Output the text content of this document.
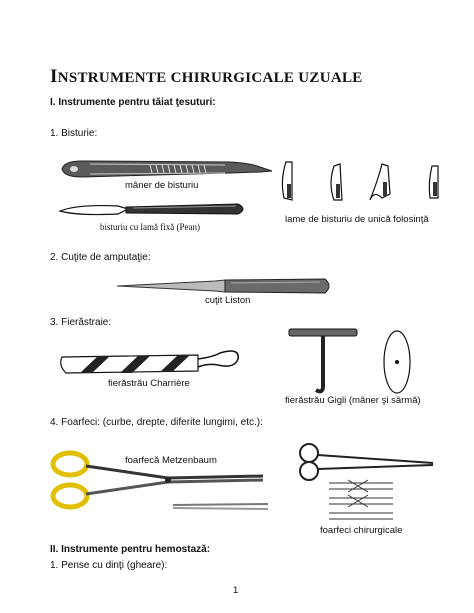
INSTRUMENTE CHIRURGICALE UZUALE
I. Instrumente pentru tăiat ţesuturi:
1. Bisturie:
mâner de bisturiu
bisturiu cu lamă fixă (Pean)
lame de bisturiu de unică folosinţă
2. Cuţite de amputaţie:
cuţit Liston
3. Fierăstraie:
fierăstrău Charrière
fierăstrău Gigli (mâner şi sârmă)
4. Foarfeci: (curbe, drepte, diferite lungimi, etc.):
foarfecă Metzenbaum
foarfeci chirurgicale
II. Instrumente pentru hemostază:
1. Pense cu dinţi (gheare):
1
